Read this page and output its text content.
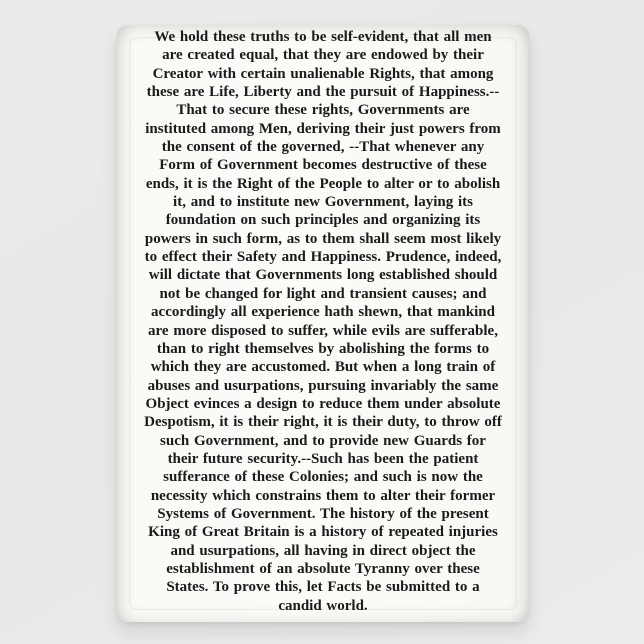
We hold these truths to be self-evident, that all men
are created equal, that they are endowed by their
Creator with certain unalienable Rights, that among
these are Life, Liberty and the pursuit of Happiness.--
That to secure these rights, Governments are
instituted among Men, deriving their just powers from
the consent of the governed, --That whenever any
Form of Government becomes destructive of these
ends, it is the Right of the People to alter or to abolish
it, and to institute new Government, laying its
foundation on such principles and organizing its
powers in such form, as to them shall seem most likely
to effect their Safety and Happiness. Prudence, indeed,
will dictate that Governments long established should
not be changed for light and transient causes; and
accordingly all experience hath shewn, that mankind
are more disposed to suffer, while evils are sufferable,
than to right themselves by abolishing the forms to
which they are accustomed. But when a long train of
abuses and usurpations, pursuing invariably the same
Object evinces a design to reduce them under absolute
Despotism, it is their right, it is their duty, to throw off
such Government, and to provide new Guards for
their future security.--Such has been the patient
sufferance of these Colonies; and such is now the
necessity which constrains them to alter their former
Systems of Government. The history of the present
King of Great Britain is a history of repeated injuries
and usurpations, all having in direct object the
establishment of an absolute Tyranny over these
States. To prove this, let Facts be submitted to a
candid world.
